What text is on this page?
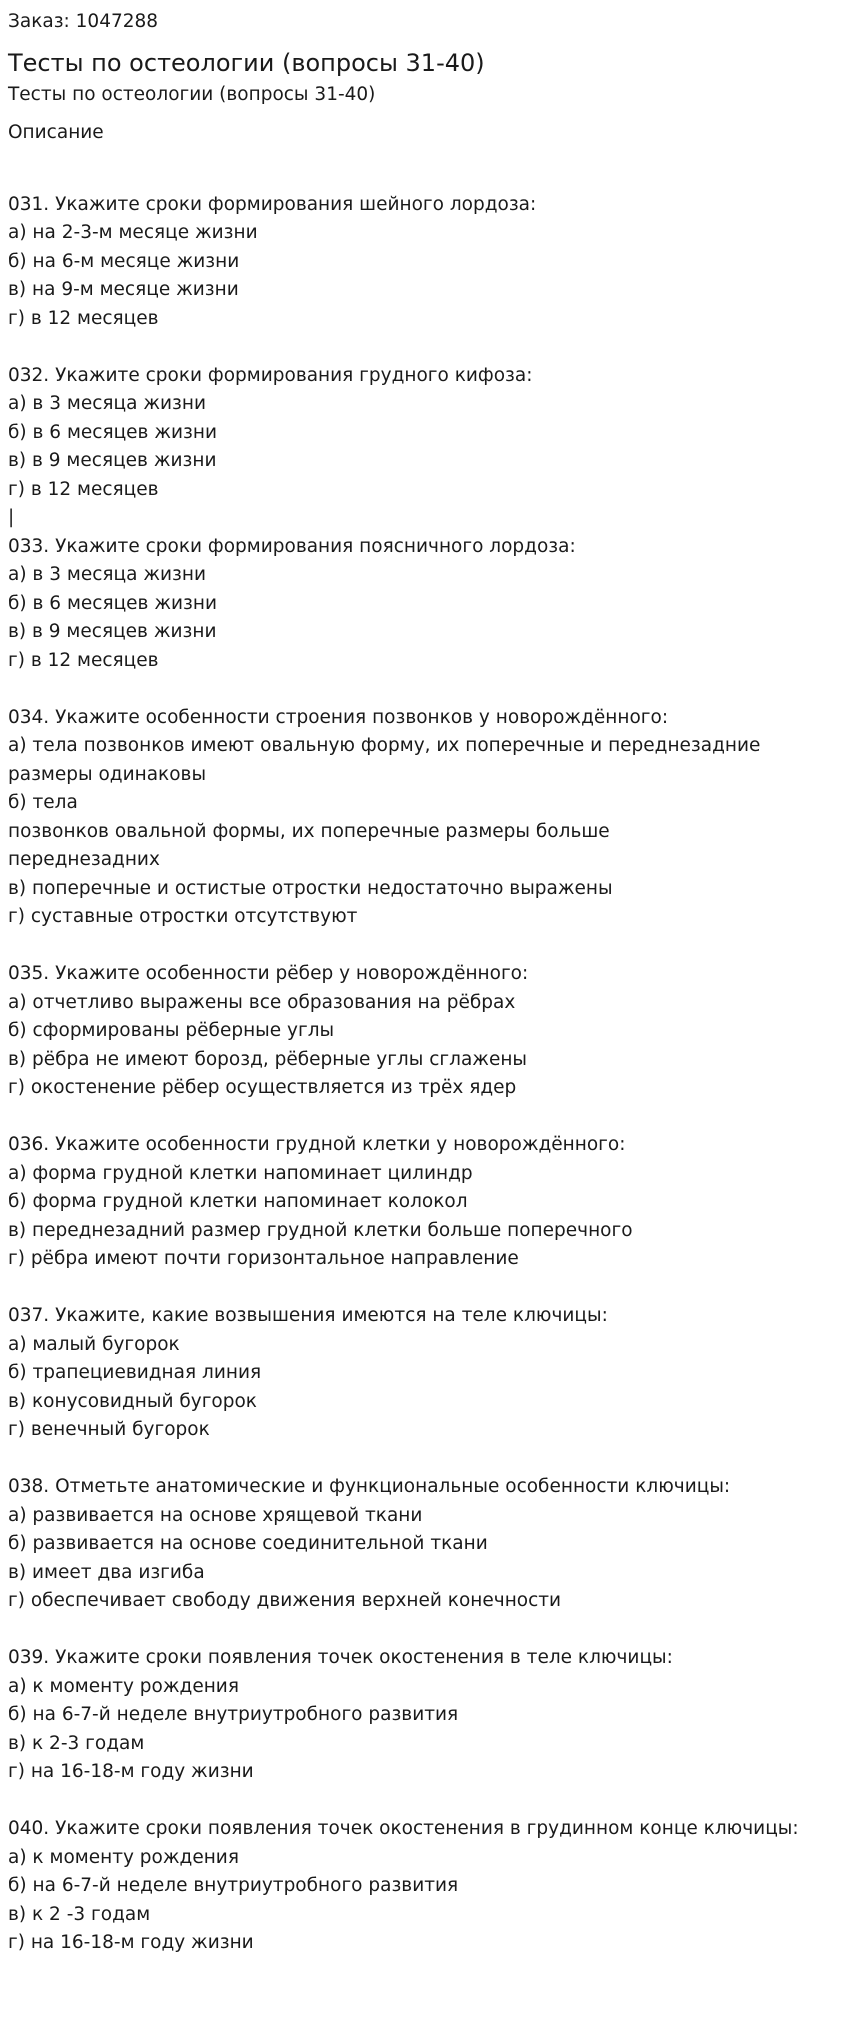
Заказ: 1047288
Тесты по остеологии (вопросы 31-40)
Тесты по остеологии (вопросы 31-40)
Описание
031. Укажите сроки формирования шейного лордоза:
а) на 2-3-м месяце жизни
б) на 6-м месяце жизни
в) на 9-м месяце жизни
г) в 12 месяцев
032. Укажите сроки формирования грудного кифоза:
а) в 3 месяца жизни
б) в 6 месяцев жизни
в) в 9 месяцев жизни
г) в 12 месяцев
|
033. Укажите сроки формирования поясничного лордоза:
а) в 3 месяца жизни
б) в 6 месяцев жизни
в) в 9 месяцев жизни
г) в 12 месяцев
034. Укажите особенности строения позвонков у новорождённого:
а) тела позвонков имеют овальную форму, их поперечные и переднезадние
размеры одинаковы
б) тела
позвонков овальной формы, их поперечные размеры больше
переднезадних
в) поперечные и остистые отростки недостаточно выражены
г) суставные отростки отсутствуют
035. Укажите особенности рёбер у новорождённого:
а) отчетливо выражены все образования на рёбрах
б) сформированы рёберные углы
в) рёбра не имеют борозд, рёберные углы сглажены
г) окостенение рёбер осуществляется из трёх ядер
036. Укажите особенности грудной клетки у новорождённого:
а) форма грудной клетки напоминает цилиндр
б) форма грудной клетки напоминает колокол
в) переднезадний размер грудной клетки больше поперечного
г) рёбра имеют почти горизонтальное направление
037. Укажите, какие возвышения имеются на теле ключицы:
а) малый бугорок
б) трапециевидная линия
в) конусовидный бугорок
г) венечный бугорок
038. Отметьте анатомические и функциональные особенности ключицы:
а) развивается на основе хрящевой ткани
б) развивается на основе соединительной ткани
в) имеет два изгиба
г) обеспечивает свободу движения верхней конечности
039. Укажите сроки появления точек окостенения в теле ключицы:
а) к моменту рождения
б) на 6-7-й неделе внутриутробного развития
в) к 2-3 годам
г) на 16-18-м году жизни
040. Укажите сроки появления точек окостенения в грудинном конце ключицы:
а) к моменту рождения
б) на 6-7-й неделе внутриутробного развития
в) к 2 -3 годам
г) на 16-18-м году жизни
